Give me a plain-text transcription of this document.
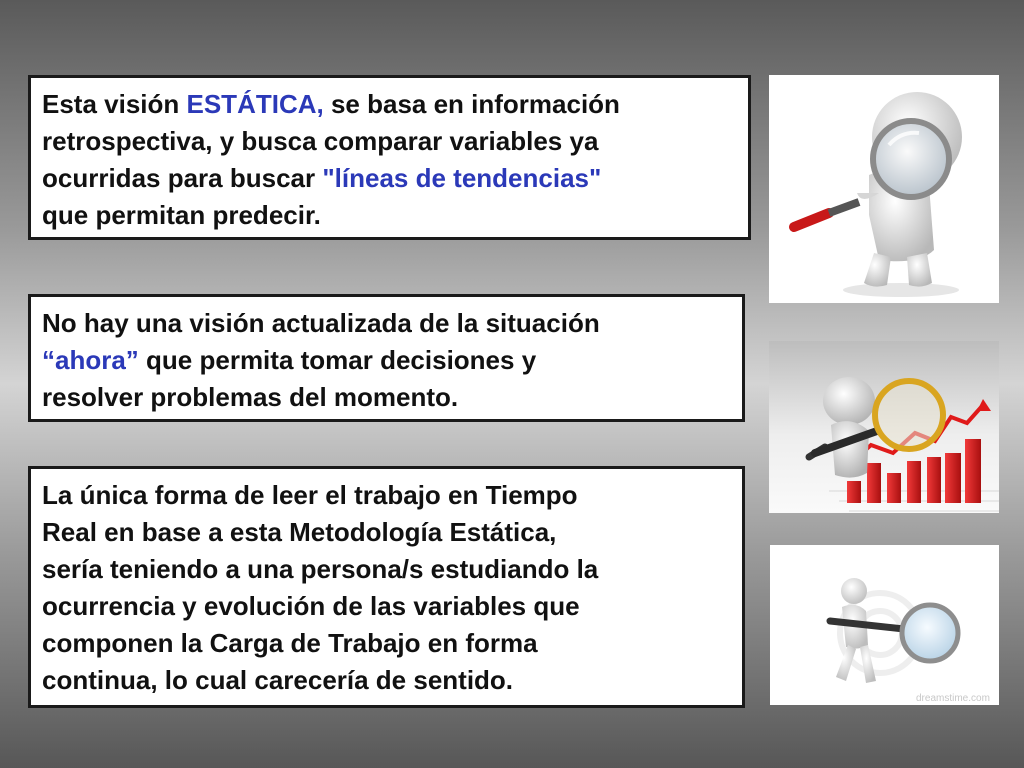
Esta visión ESTÁTICA, se basa en información
retrospectiva, y busca comparar variables ya
ocurridas para buscar "líneas de tendencias"
que permitan predecir.
No hay una visión actualizada de la situación
“ahora” que permita tomar decisiones y
resolver problemas del momento.
La única forma de leer el trabajo en Tiempo
Real en base a esta Metodología Estática,
sería teniendo a una persona/s estudiando la
ocurrencia y evolución de las variables que
componen la Carga de Trabajo en forma
continua, lo cual carecería de sentido.
dreamstime.com
